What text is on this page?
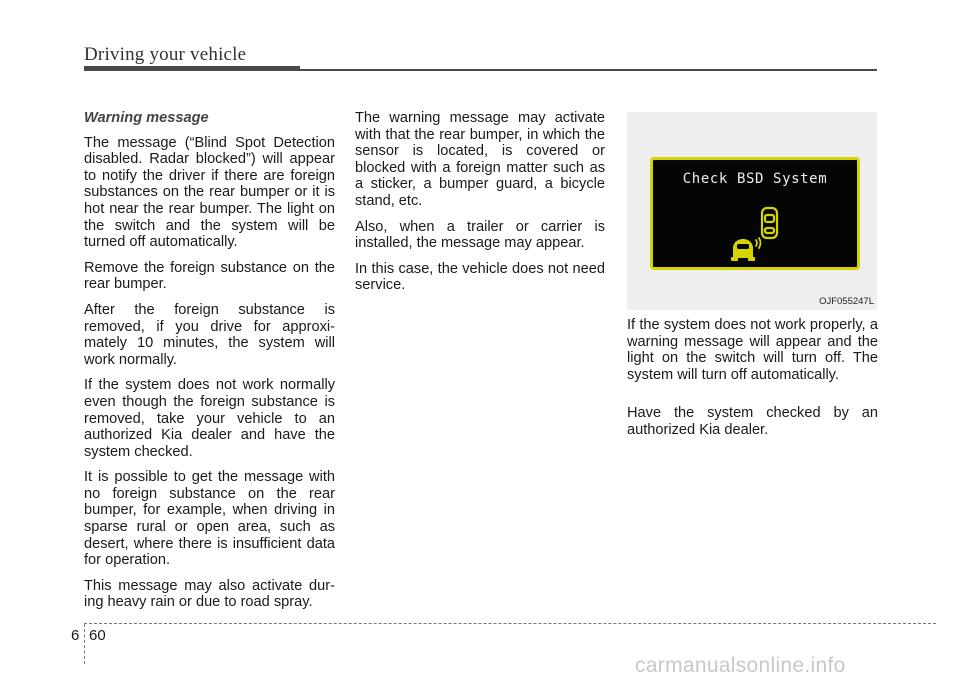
Driving your vehicle
Warning message

The message (“Blind Spot Detection disabled. Radar blocked”) will appear to notify the driver if there are foreign substances on the rear bumper or it is hot near the rear bumper. The light on the switch and the system will be turned off automatically.

Remove the foreign substance on the rear bumper.

After the foreign substance is removed, if you drive for approxi-mately 10 minutes, the system will work normally.

If the system does not work normally even though the foreign substance is removed, take your vehicle to an authorized Kia dealer and have the system checked.

It is possible to get the message with no foreign substance on the rear bumper, for example, when driving in sparse rural or open area, such as desert, where there is insufficient data for operation.

This message may also activate dur-ing heavy rain or due to road spray.

The warning message may activate with that the rear bumper, in which the sensor is located, is covered or blocked with a foreign matter such as a sticker, a bumper guard, a bicycle stand, etc.

Also, when a trailer or carrier is installed, the message may appear.

In this case, the vehicle does not need service.

Check BSD System
OJF055247L

If the system does not work properly, a warning message will appear and the light on the switch will turn off. The system will turn off automatically.

Have the system checked by an authorized Kia dealer.

6 60
carmanualsonline.info
